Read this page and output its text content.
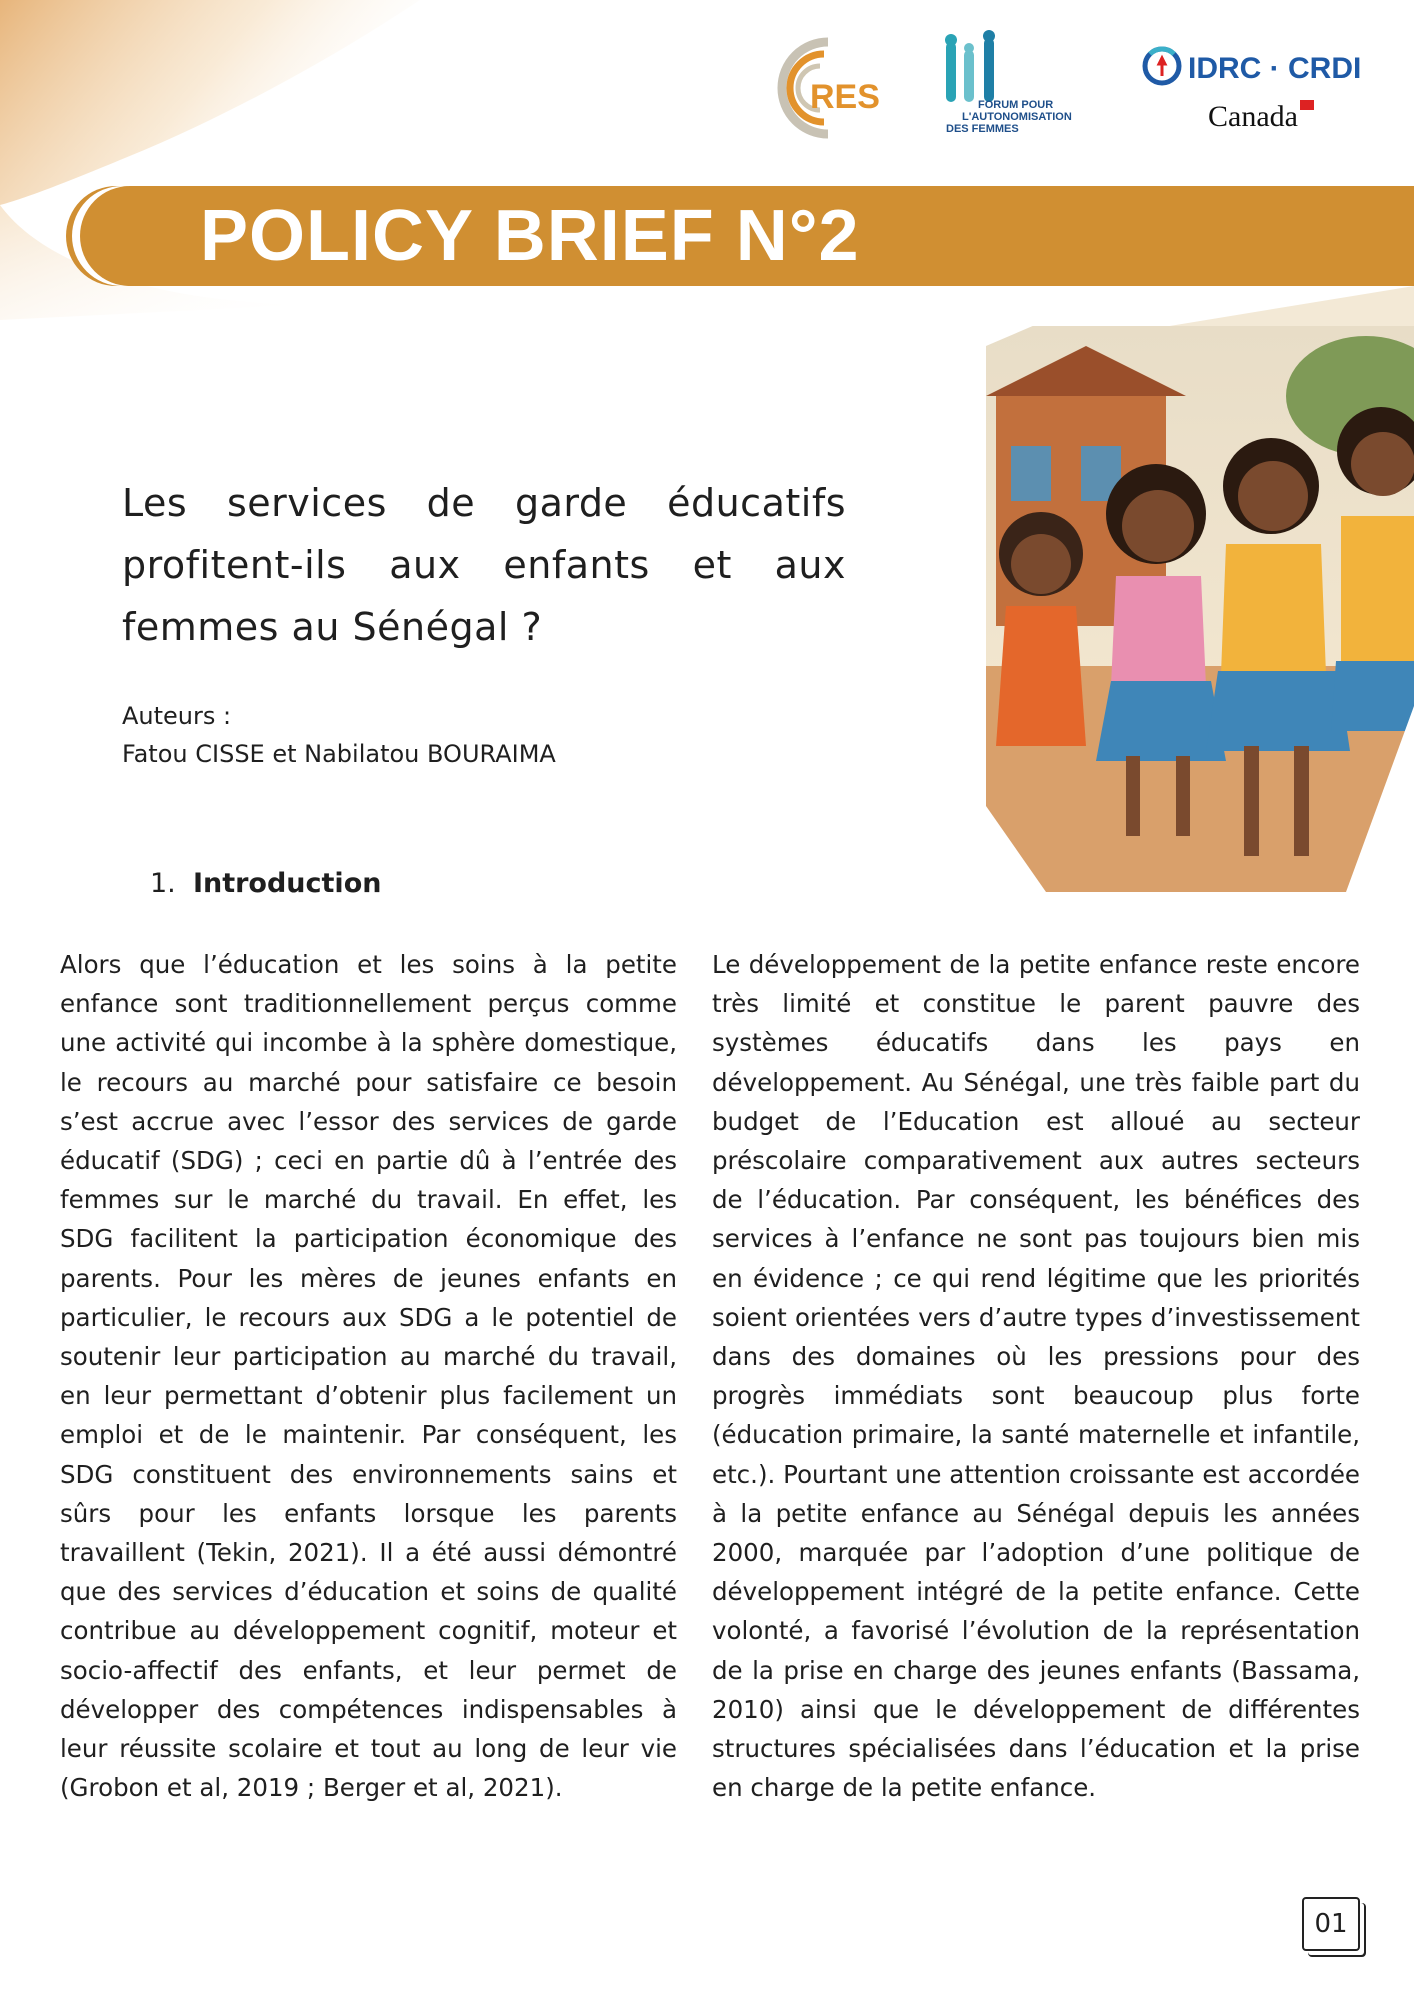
RES	FORUM POUR
L'AUTONOMISATION
DES FEMMES
IDRC · CRDI
Canada
POLICY BRIEF N°2
Les services de garde éducatifs profitent-ils aux enfants et aux femmes au Sénégal ?
Auteurs :
Fatou CISSE et Nabilatou BOURAIMA
1. Introduction

Alors que l’éducation et les soins à la petite enfance sont traditionnellement perçus comme une activité qui incombe à la sphère domestique, le recours au marché pour satisfaire ce besoin s’est accrue avec l’essor des services de garde éducatif (SDG) ; ceci en partie dû à l’entrée des femmes sur le marché du travail. En effet, les SDG facilitent la participation économique des parents. Pour les mères de jeunes enfants en particulier, le recours aux SDG a le potentiel de soutenir leur participation au marché du travail, en leur permettant d’obtenir plus facilement un emploi et de le maintenir. Par conséquent, les SDG constituent des environnements sains et sûrs pour les enfants lorsque les parents travaillent (Tekin, 2021). Il a été aussi démontré que des services d’éducation et soins de qualité contribue au développement cognitif, moteur et socio-affectif des enfants, et leur permet de développer des compétences indispensables à leur réussite scolaire et tout au long de leur vie (Grobon et al, 2019 ; Berger et al, 2021).

Le développement de la petite enfance reste encore très limité et constitue le parent pauvre des systèmes éducatifs dans les pays en développement. Au Sénégal, une très faible part du budget de l’Education est alloué au secteur préscolaire comparativement aux autres secteurs de l’éducation. Par conséquent, les bénéfices des services à l’enfance ne sont pas toujours bien mis en évidence ; ce qui rend légitime que les priorités soient orientées vers d’autre types d’investissement dans des domaines où les pressions pour des progrès immédiats sont beaucoup plus forte (éducation primaire, la santé maternelle et infantile, etc.). Pourtant une attention croissante est accordée à la petite enfance au Sénégal depuis les années 2000, marquée par l’adoption d’une politique de développement intégré de la petite enfance. Cette volonté, a favorisé l’évolution de la représentation de la prise en charge des jeunes enfants (Bassama, 2010) ainsi que le développement de différentes structures spécialisées dans l’éducation et la prise en charge de la petite enfance.

01
